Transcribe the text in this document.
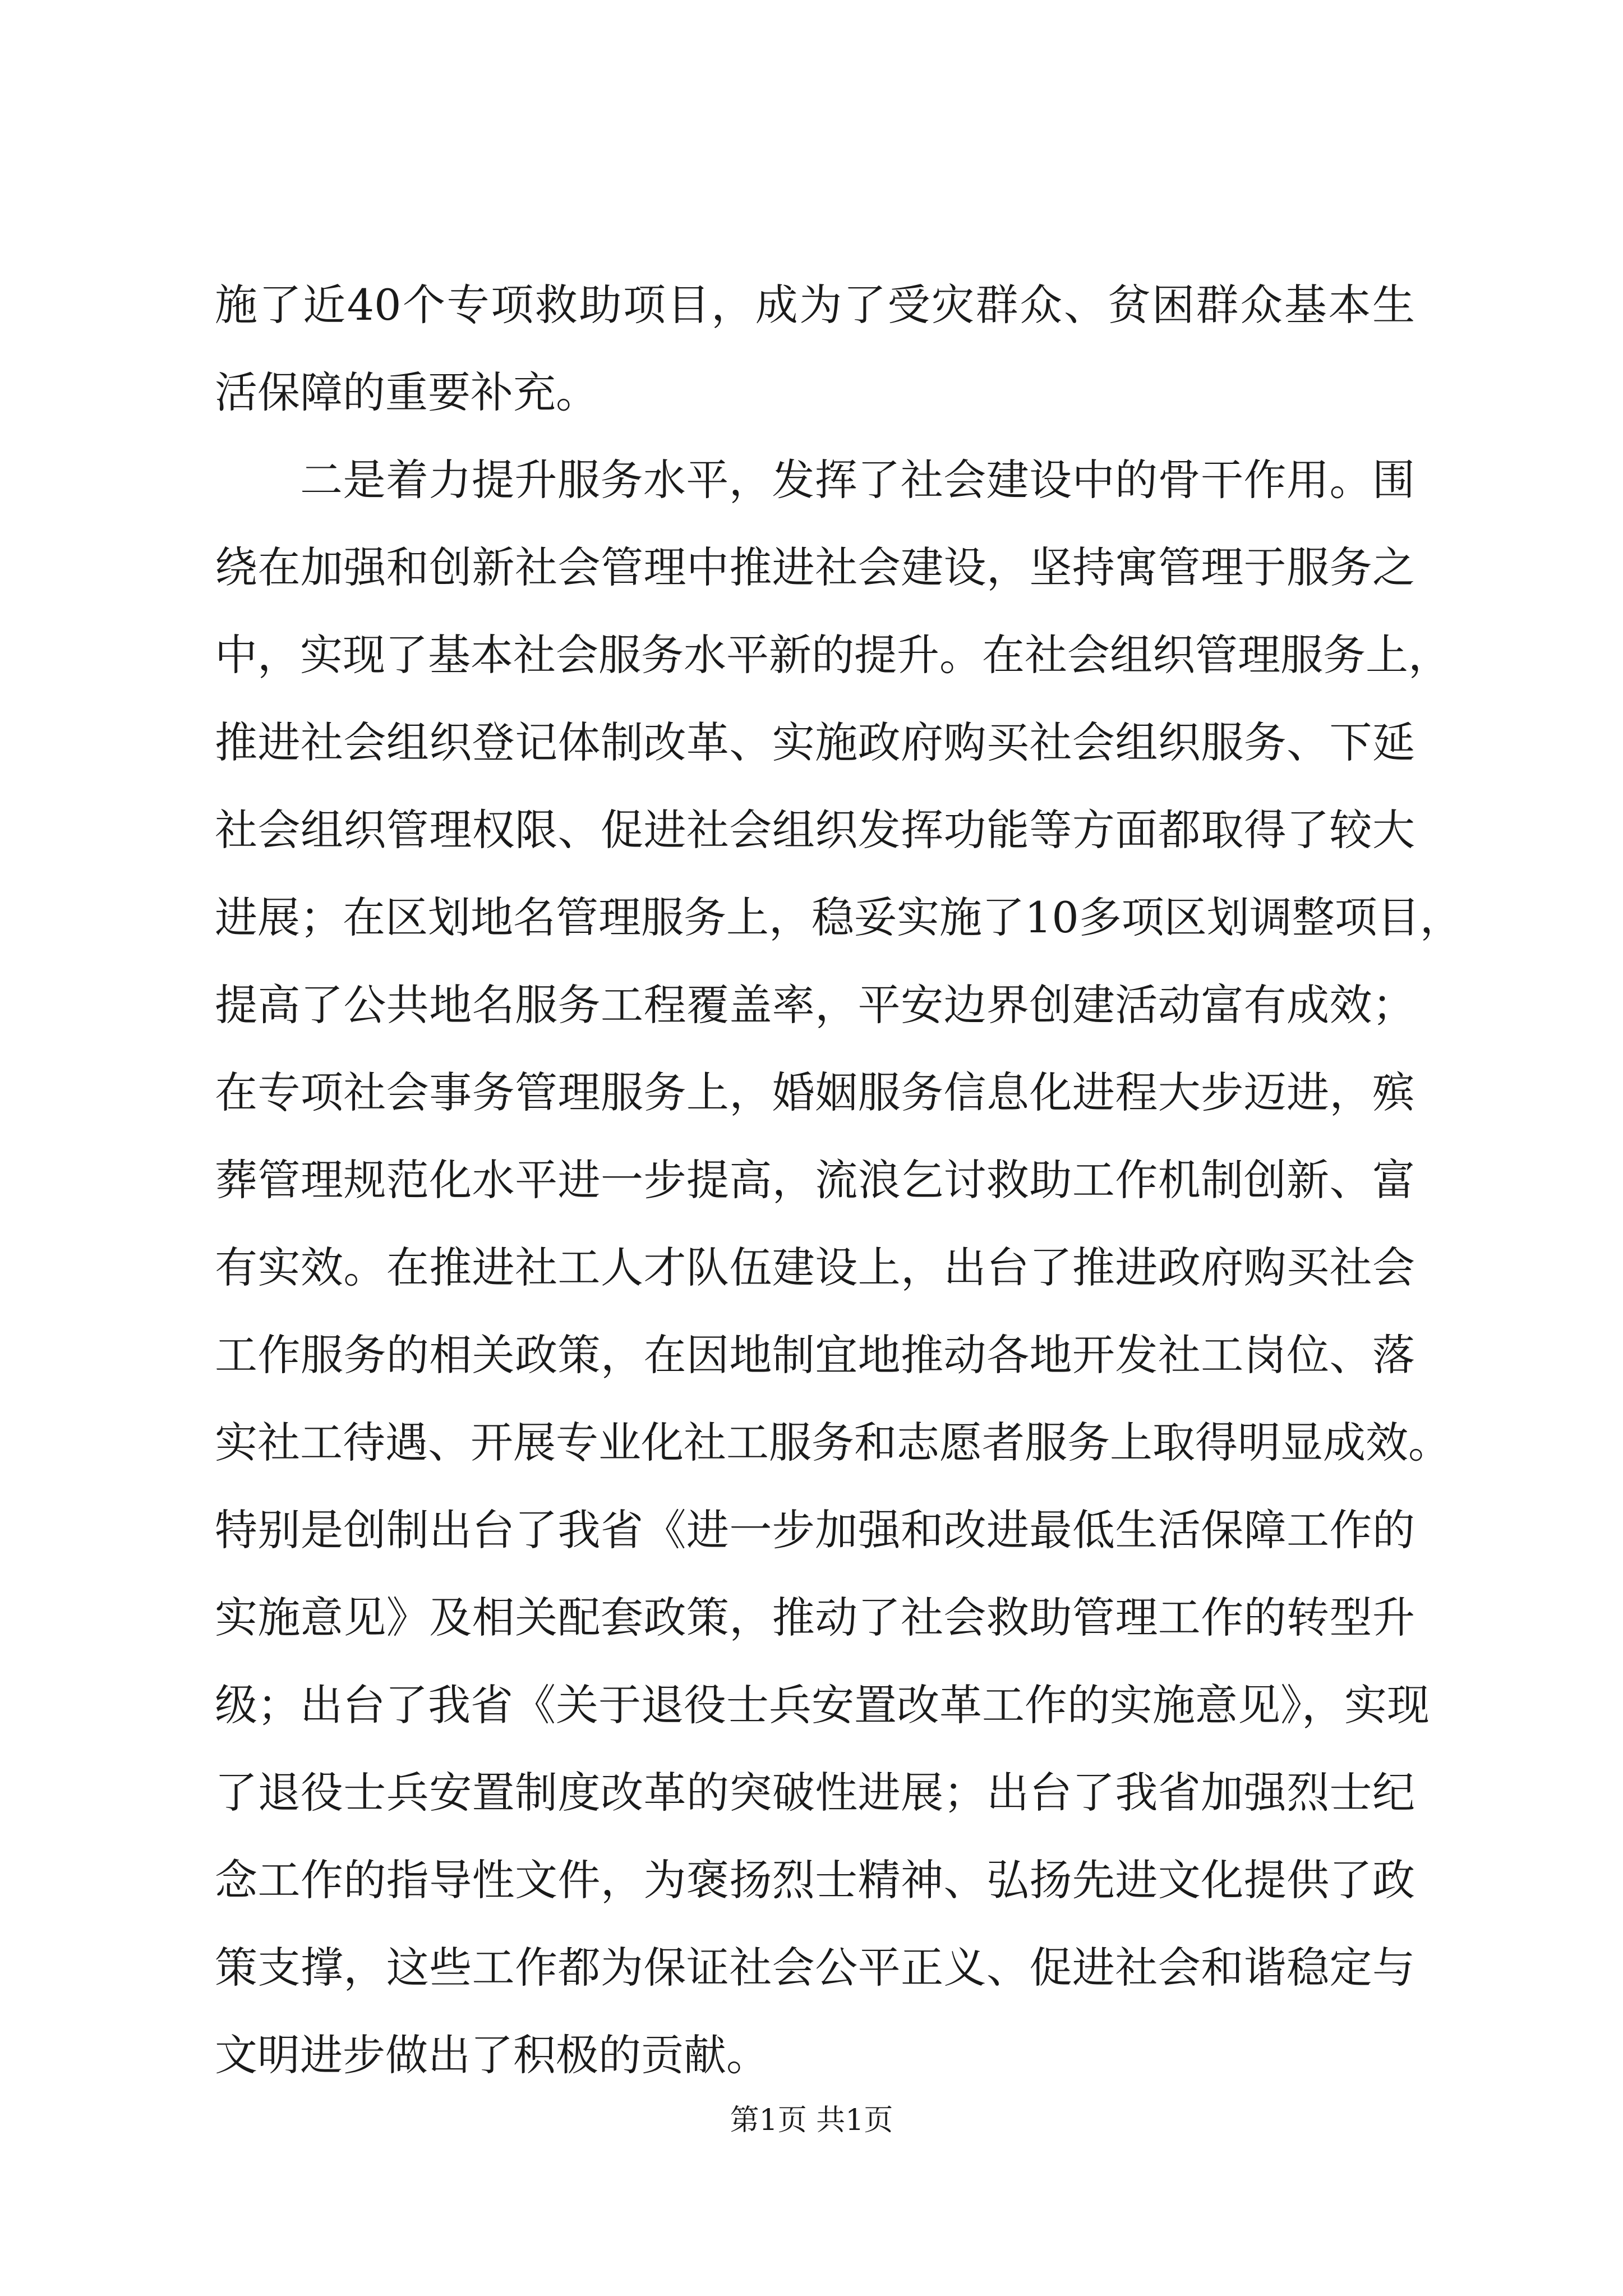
施了近40个专项救助项目，成为了受灾群众、贫困群众基本生
活保障的重要补充。
二是着力提升服务水平，发挥了社会建设中的骨干作用。围
绕在加强和创新社会管理中推进社会建设，坚持寓管理于服务之
中，实现了基本社会服务水平新的提升。在社会组织管理服务上，
推进社会组织登记体制改革、实施政府购买社会组织服务、下延
社会组织管理权限、促进社会组织发挥功能等方面都取得了较大
进展；在区划地名管理服务上，稳妥实施了10多项区划调整项目，
提高了公共地名服务工程覆盖率，平安边界创建活动富有成效；
在专项社会事务管理服务上，婚姻服务信息化进程大步迈进，殡
葬管理规范化水平进一步提高，流浪乞讨救助工作机制创新、富
有实效。在推进社工人才队伍建设上，出台了推进政府购买社会
工作服务的相关政策，在因地制宜地推动各地开发社工岗位、落
实社工待遇、开展专业化社工服务和志愿者服务上取得明显成效。
特别是创制出台了我省《进一步加强和改进最低生活保障工作的
实施意见》及相关配套政策，推动了社会救助管理工作的转型升
级；出台了我省《关于退役士兵安置改革工作的实施意见》，实现
了退役士兵安置制度改革的突破性进展；出台了我省加强烈士纪
念工作的指导性文件，为褒扬烈士精神、弘扬先进文化提供了政
策支撑，这些工作都为保证社会公平正义、促进社会和谐稳定与
文明进步做出了积极的贡献。
第1页 共1页
